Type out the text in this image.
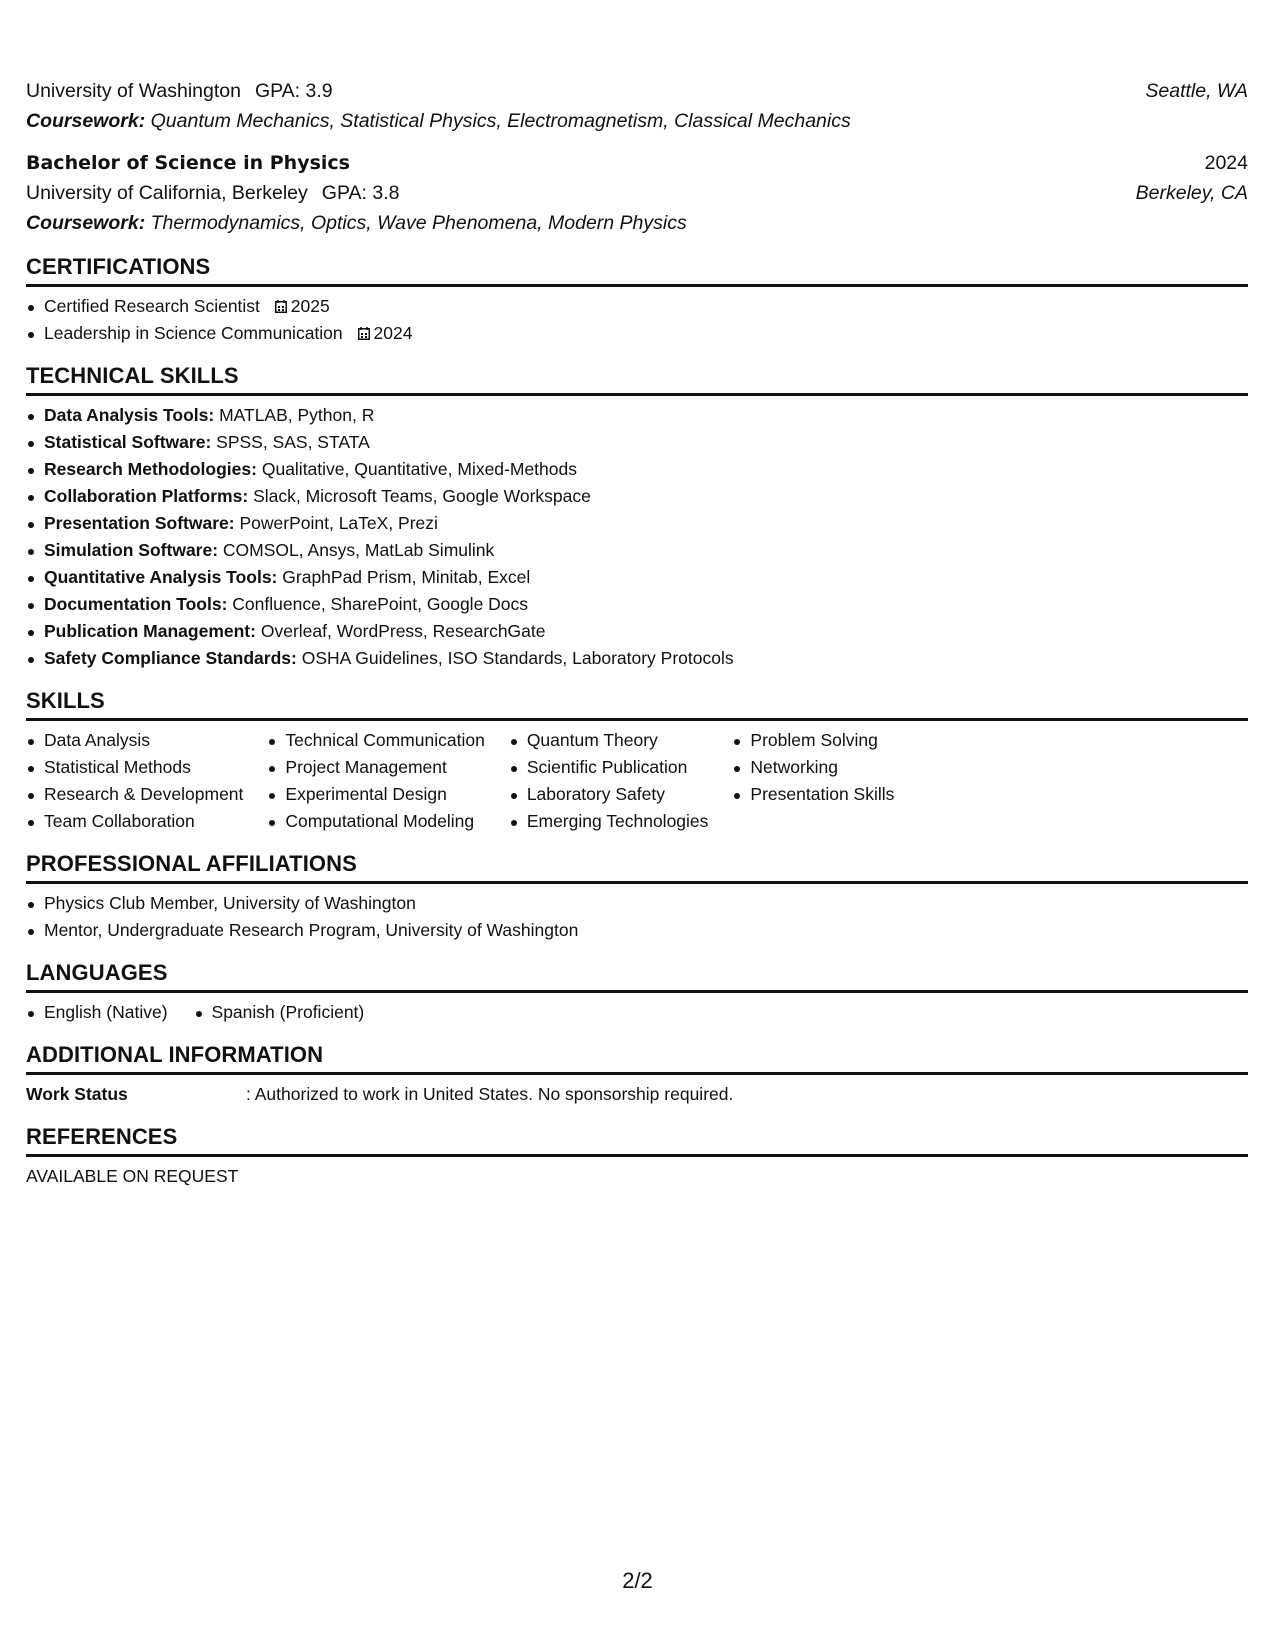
University of Washington GPA: 3.9	Seattle, WA
Coursework: Quantum Mechanics, Statistical Physics, Electromagnetism, Classical Mechanics
Bachelor of Science in Physics	2024
University of California, Berkeley GPA: 3.8	Berkeley, CA
Coursework: Thermodynamics, Optics, Wave Phenomena, Modern Physics
CERTIFICATIONS
Certified Research Scientist 2025
Leadership in Science Communication 2024
TECHNICAL SKILLS
Data Analysis Tools: MATLAB, Python, R
Statistical Software: SPSS, SAS, STATA
Research Methodologies: Qualitative, Quantitative, Mixed-Methods
Collaboration Platforms: Slack, Microsoft Teams, Google Workspace
Presentation Software: PowerPoint, LaTeX, Prezi
Simulation Software: COMSOL, Ansys, MatLab Simulink
Quantitative Analysis Tools: GraphPad Prism, Minitab, Excel
Documentation Tools: Confluence, SharePoint, Google Docs
Publication Management: Overleaf, WordPress, ResearchGate
Safety Compliance Standards: OSHA Guidelines, ISO Standards, Laboratory Protocols
SKILLS
Data Analysis
Statistical Methods
Research & Development
Team Collaboration
Technical Communication
Project Management
Experimental Design
Computational Modeling
Quantum Theory
Scientific Publication
Laboratory Safety
Emerging Technologies
Problem Solving
Networking
Presentation Skills
PROFESSIONAL AFFILIATIONS
Physics Club Member, University of Washington
Mentor, Undergraduate Research Program, University of Washington
LANGUAGES
English (Native)	Spanish (Proficient)
ADDITIONAL INFORMATION
Work Status	: Authorized to work in United States. No sponsorship required.
REFERENCES
AVAILABLE ON REQUEST
2/2
